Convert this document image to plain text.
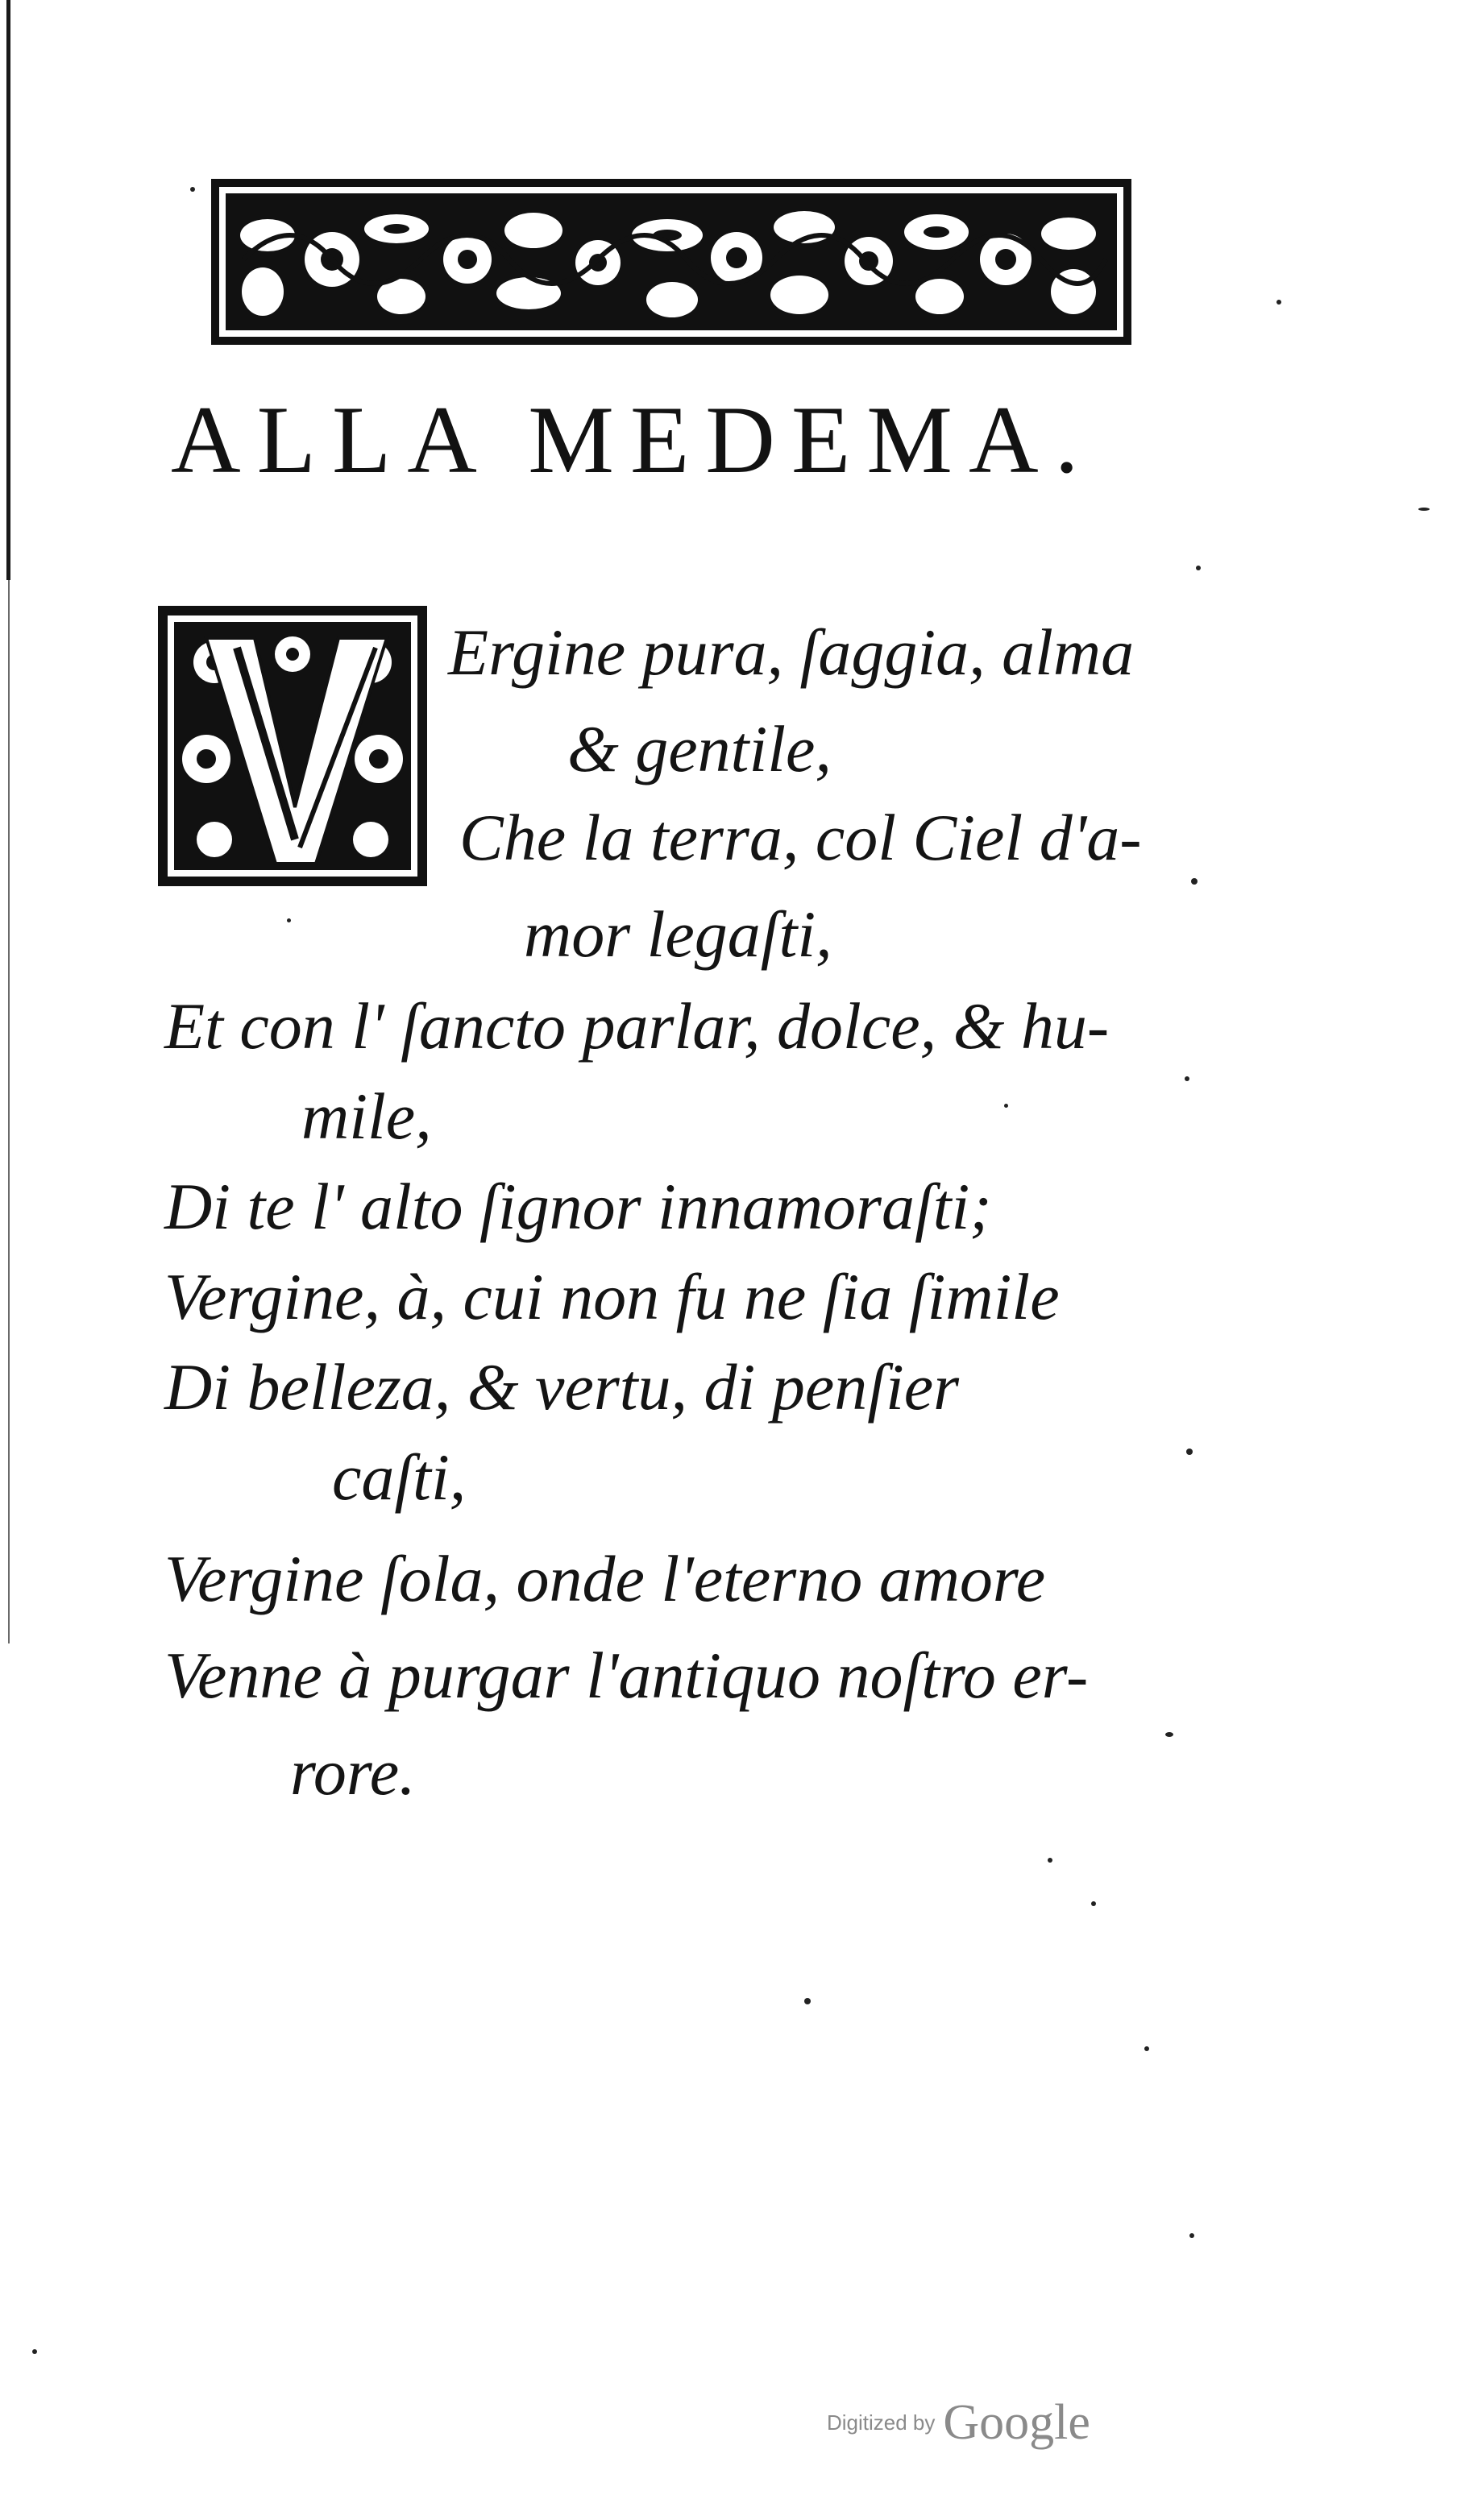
ALLA MEDEMA.
Ergine pura, ſaggia, alma
& gentile,
Che la terra, col Ciel d'a-
mor legaſti,
Et con l' ſancto parlar, dolce, & hu-
mile,
Di te l' alto ſignor innamoraſti;
Vergine, à, cui non fu ne ſia ſimile
Di belleza, & vertu, di penſier
caſti,
Vergine ſola, onde l'eterno amore
Venne à purgar l'antiquo noſtro er-
rore.
Digitized by Google
